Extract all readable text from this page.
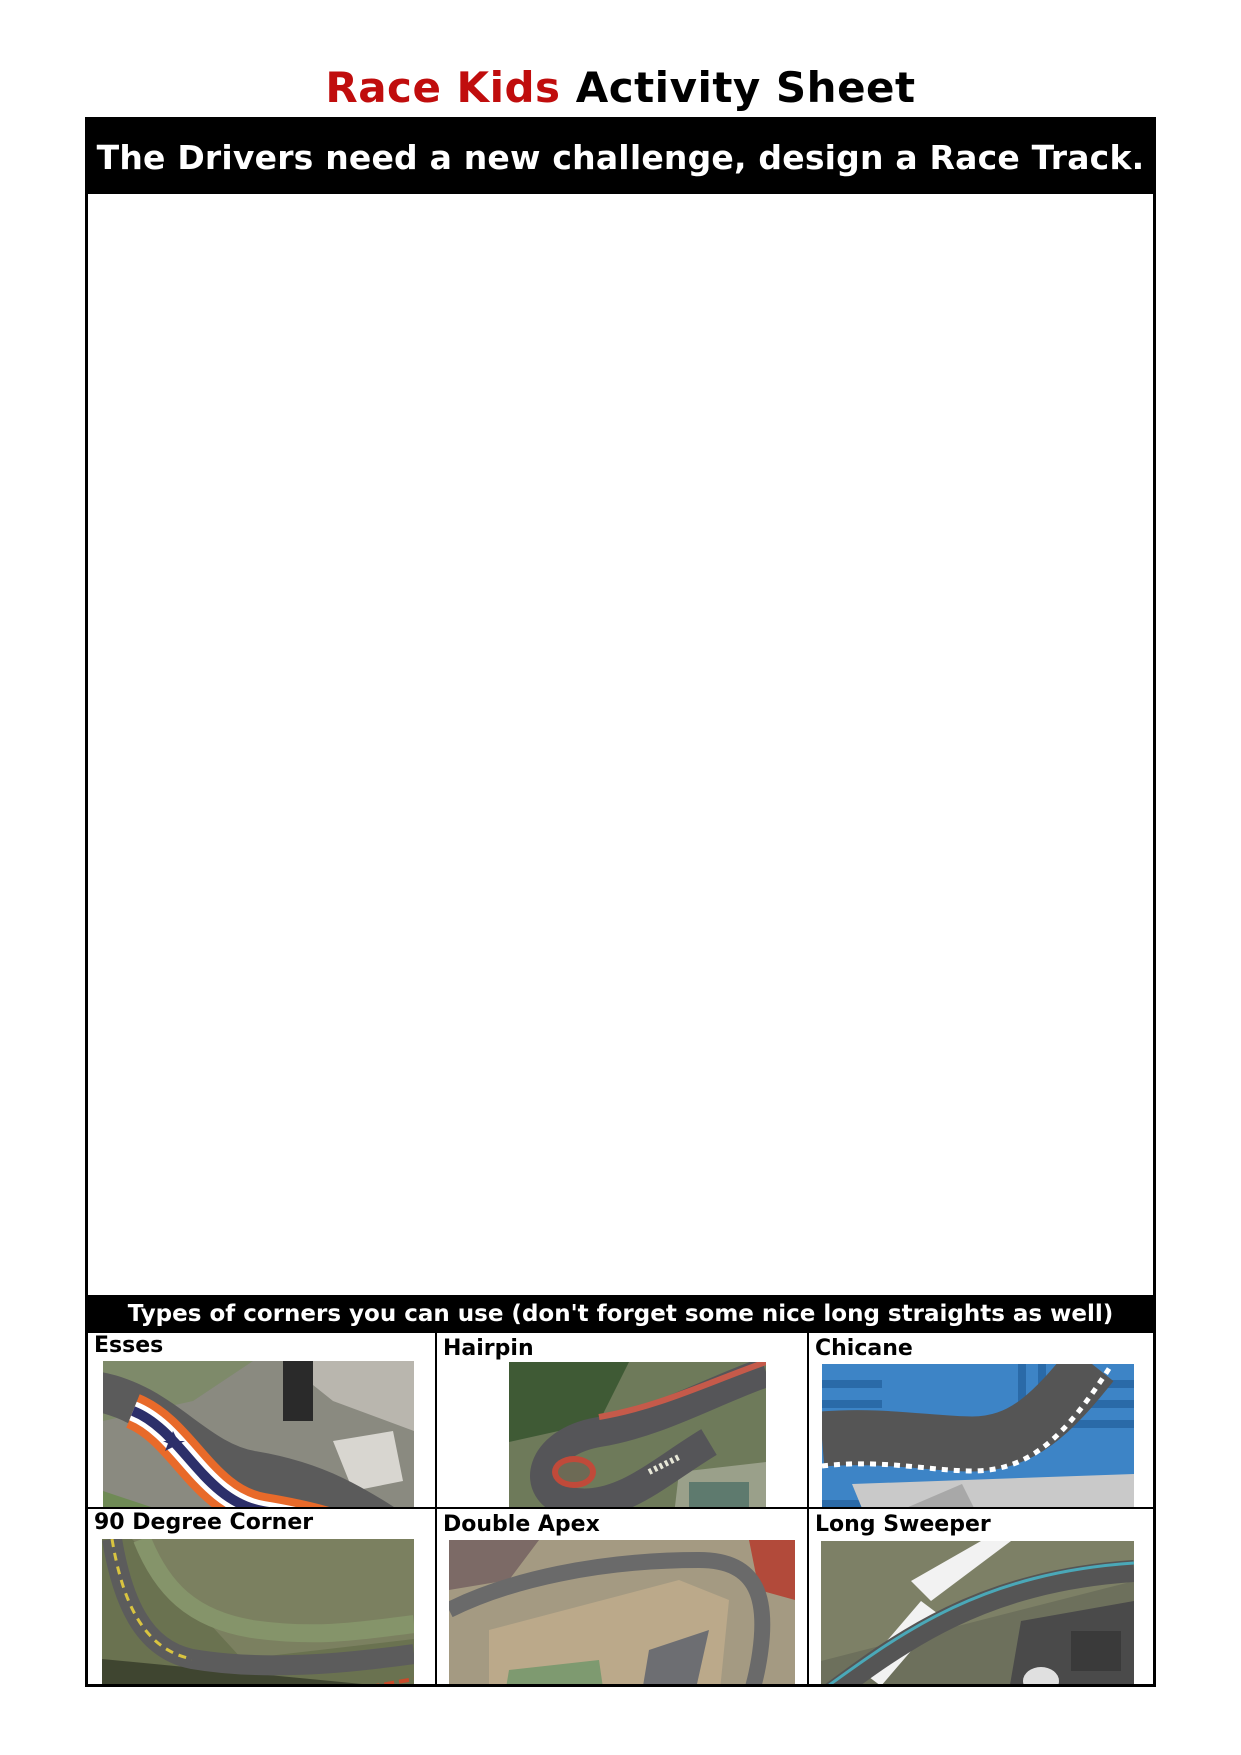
Race Kids Activity Sheet
The Drivers need a new challenge, design a Race Track.
Types of corners you can use (don't forget some nice long straights as well)
Esses	Hairpin	Chicane
90 Degree Corner	Double Apex	Long Sweeper
